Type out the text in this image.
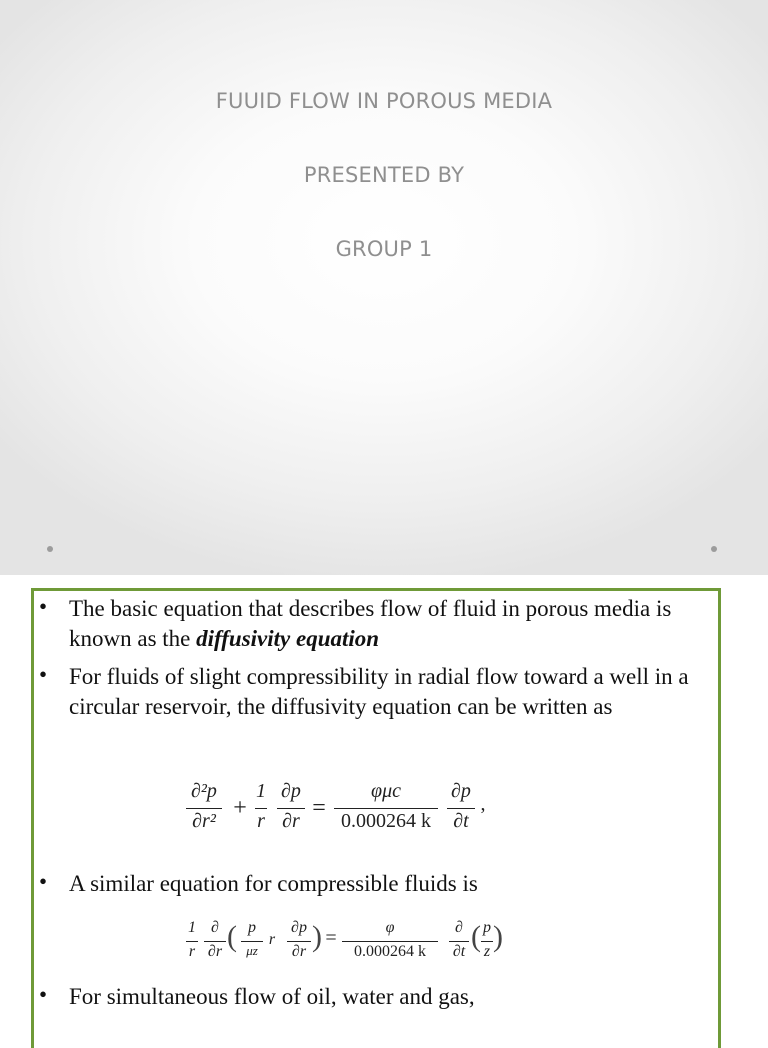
FUUID FLOW IN POROUS MEDIA
PRESENTED BY
GROUP 1
• The basic equation that describes flow of fluid in porous media is known as the diffusivity equation
• For fluids of slight compressibility in radial flow toward a well in a circular reservoir, the diffusivity equation can be written as
∂²p
∂r² +
1
r
∂p
∂r =
φμc
0.000264 k
∂p
∂t
,
• A similar equation for compressible fluids is
1
r
∂
∂r ( p
μz
r
∂p
∂r ) =	φ
0.000264 k
∂
∂t ( p
z )
• For simultaneous flow of oil, water and gas,
